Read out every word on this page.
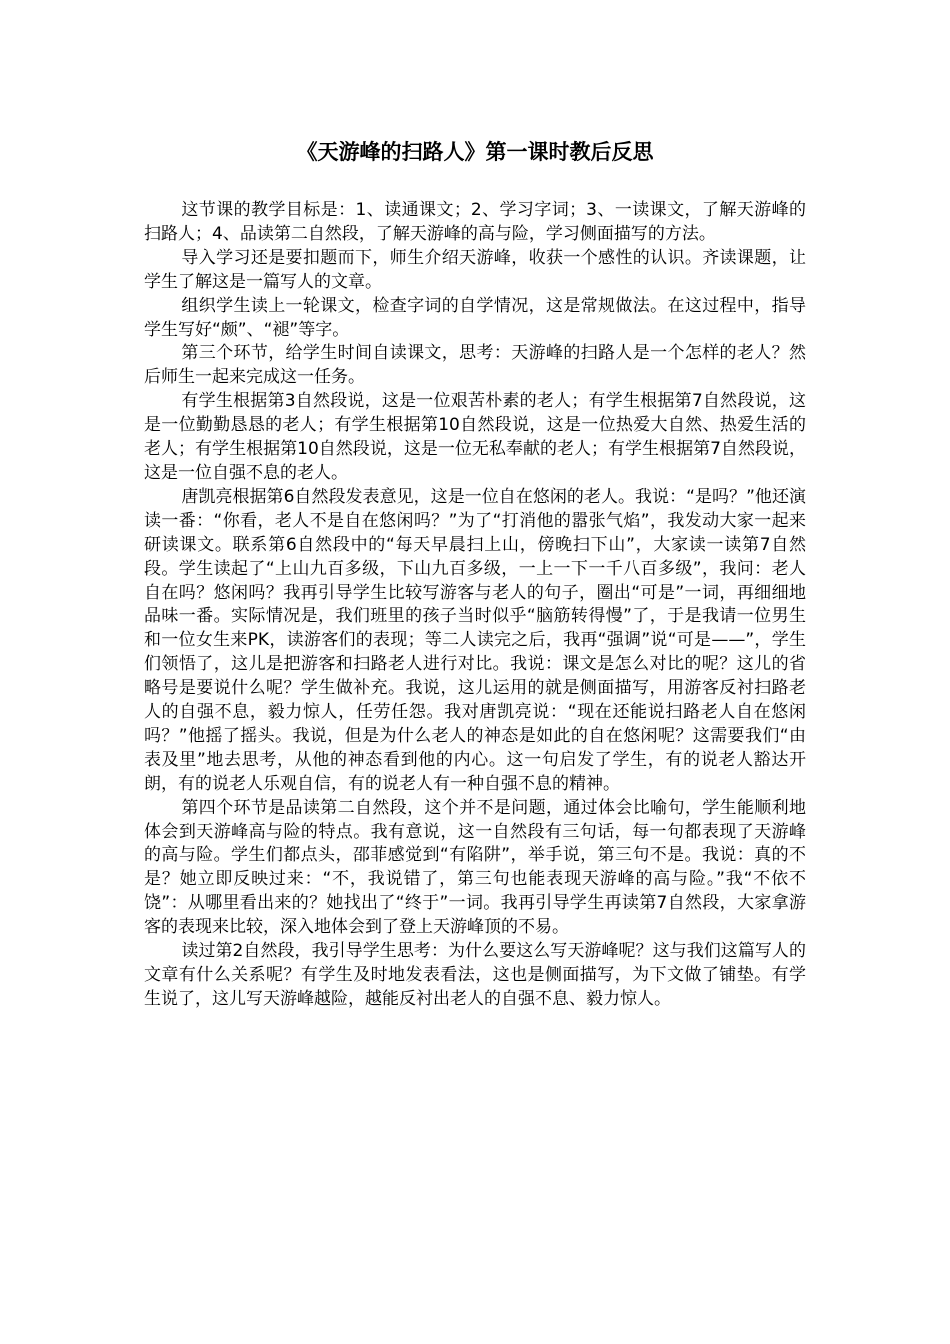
《天游峰的扫路人》第一课时教后反思

这节课的教学目标是：1、读通课文；2、学习字词；3、一读课文，了解天游峰的扫路人；4、品读第二自然段，了解天游峰的高与险，学习侧面描写的方法。

导入学习还是要扣题而下，师生介绍天游峰，收获一个感性的认识。齐读课题，让学生了解这是一篇写人的文章。

组织学生读上一轮课文，检查字词的自学情况，这是常规做法。在这过程中，指导学生写好“颇”、“褪”等字。

第三个环节，给学生时间自读课文，思考：天游峰的扫路人是一个怎样的老人？然后师生一起来完成这一任务。

有学生根据第3自然段说，这是一位艰苦朴素的老人；有学生根据第7自然段说，这是一位勤勤恳恳的老人；有学生根据第10自然段说，这是一位热爱大自然、热爱生活的老人；有学生根据第10自然段说，这是一位无私奉献的老人；有学生根据第7自然段说，这是一位自强不息的老人。

唐凯亮根据第6自然段发表意见，这是一位自在悠闲的老人。我说：“是吗？”他还演读一番：“你看，老人不是自在悠闲吗？”为了“打消他的嚣张气焰”，我发动大家一起来研读课文。联系第6自然段中的“每天早晨扫上山，傍晚扫下山”，大家读一读第7自然段。学生读起了“上山九百多级，下山九百多级，一上一下一千八百多级”，我问：老人自在吗？悠闲吗？我再引导学生比较写游客与老人的句子，圈出“可是”一词，再细细地品味一番。实际情况是，我们班里的孩子当时似乎“脑筋转得慢”了，于是我请一位男生和一位女生来PK，读游客们的表现；等二人读完之后，我再“强调”说“可是——”，学生们领悟了，这儿是把游客和扫路老人进行对比。我说：课文是怎么对比的呢？这儿的省略号是要说什么呢？学生做补充。我说，这儿运用的就是侧面描写，用游客反衬扫路老人的自强不息，毅力惊人，任劳任怨。我对唐凯亮说：“现在还能说扫路老人自在悠闲吗？”他摇了摇头。我说，但是为什么老人的神态是如此的自在悠闲呢？这需要我们“由表及里”地去思考，从他的神态看到他的内心。这一句启发了学生，有的说老人豁达开朗，有的说老人乐观自信，有的说老人有一种自强不息的精神。

第四个环节是品读第二自然段，这个并不是问题，通过体会比喻句，学生能顺利地体会到天游峰高与险的特点。我有意说，这一自然段有三句话，每一句都表现了天游峰的高与险。学生们都点头，邵菲感觉到“有陷阱”，举手说，第三句不是。我说：真的不是？她立即反映过来：“不，我说错了，第三句也能表现天游峰的高与险。”我“不依不饶”：从哪里看出来的？她找出了“终于”一词。我再引导学生再读第7自然段，大家拿游客的表现来比较，深入地体会到了登上天游峰顶的不易。

读过第2自然段，我引导学生思考：为什么要这么写天游峰呢？这与我们这篇写人的文章有什么关系呢？有学生及时地发表看法，这也是侧面描写，为下文做了铺垫。有学生说了，这儿写天游峰越险，越能反衬出老人的自强不息、毅力惊人。
